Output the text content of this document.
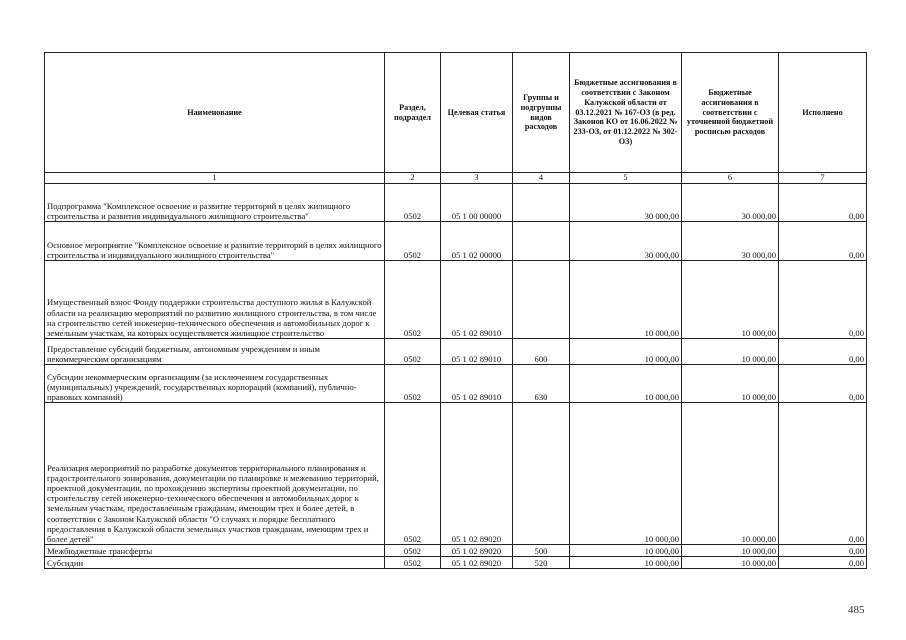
Наименование	Раздел, подраздел	Целевая статья	Группы и подгруппы видов расходов	Бюджетные ассигнования в соответствии с Законом Калужской области от 03.12.2021 № 167-ОЗ (в ред. Законов КО от 16.06.2022 № 233-ОЗ, от 01.12.2022 № 302-ОЗ)	Бюджетные ассигнования в соответствии с уточненной бюджетной росписью расходов	Исполнено
1	2	3	4	5	6	7
Подпрограмма "Комплексное освоение и развитие территорий в целях жилищного строительства и развития индивидуального жилищного строительства"	0502	05 1 00 00000		30 000,00	30 000,00	0,00
Основное мероприятие "Комплексное освоение и развитие территорий в целях жилищного строительства и индивидуального жилищного строительства"	0502	05 1 02 00000		30 000,00	30 000,00	0,00
Имущественный взнос Фонду поддержки строительства доступного жилья в Калужской области на реализацию мероприятий по развитию жилищного строительства, в том числе на строительство сетей инженерно-технического обеспечения и автомобильных дорог к земельным участкам, на которых осуществляется жилищное строительство	0502	05 1 02 89010		10 000,00	10 000,00	0,00
Предоставление субсидий бюджетным, автономным учреждениям и иным некоммерческим организациям	0502	05 1 02 89010	600	10 000,00	10 000,00	0,00
Субсидии некоммерческим организациям (за исключением государственных (муниципальных) учреждений, государственных корпораций (компаний), публично-правовых компаний)	0502	05 1 02 89010	630	10 000,00	10 000,00	0,00
Реализация мероприятий по разработке документов территориального планирования и градостроительного зонирования, документации по планировке и межеванию территорий, проектной документации, по прохождению экспертизы проектной документации, по строительству сетей инженерно-технического обеспечения и автомобильных дорог к земельным участкам, предоставленным гражданам, имеющим трех и более детей, в соответствии с Законом Калужской области "О случаях и порядке бесплатного предоставления в Калужской области земельных участков гражданам, имеющим трех и более детей"	0502	05 1 02 89020		10 000,00	10 000,00	0,00
Межбюджетные трансферты	0502	05 1 02 89020	500	10 000,00	10 000,00	0,00
Субсидии	0502	05 1 02 89020	520	10 000,00	10 000,00	0,00
485
